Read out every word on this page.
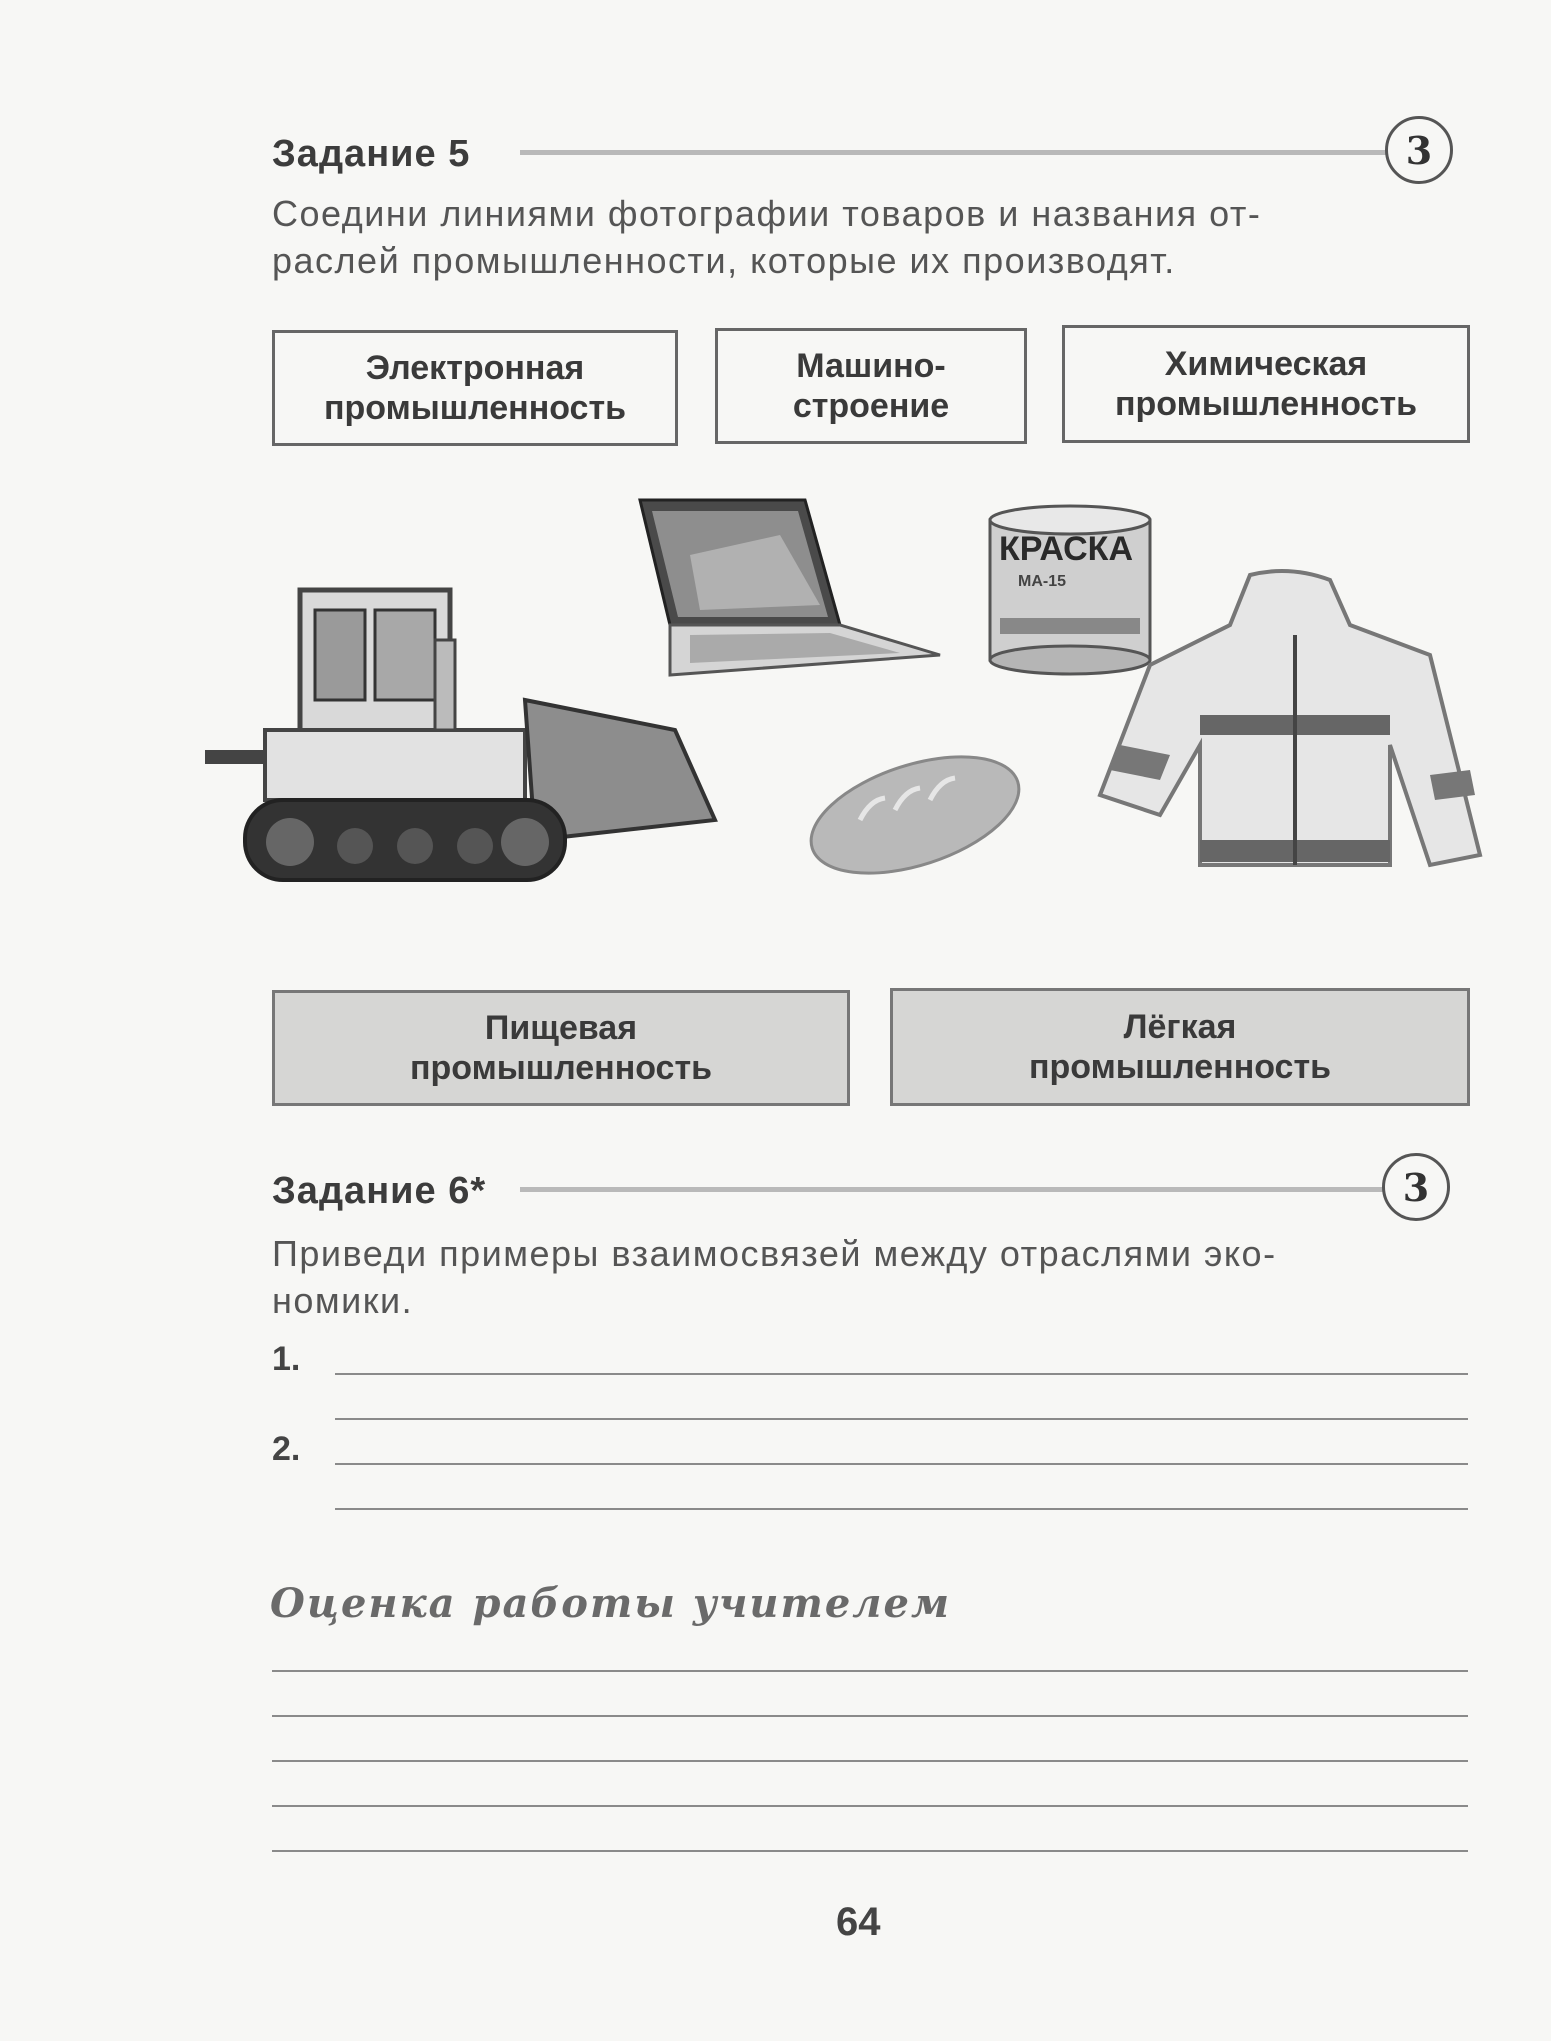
Задание 5	3
Соедини линиями фотографии товаров и названия от-
раслей промышленности, которые их производят.
Электронная
промышленность
Машино-
строение
Химическая
промышленность
КРАСКА
МА-15
Пищевая
промышленность
Лёгкая
промышленность
Задание 6*	3
Приведи примеры взаимосвязей между отраслями эко-
номики.
1.
2.
Оценка работы учителем
64
